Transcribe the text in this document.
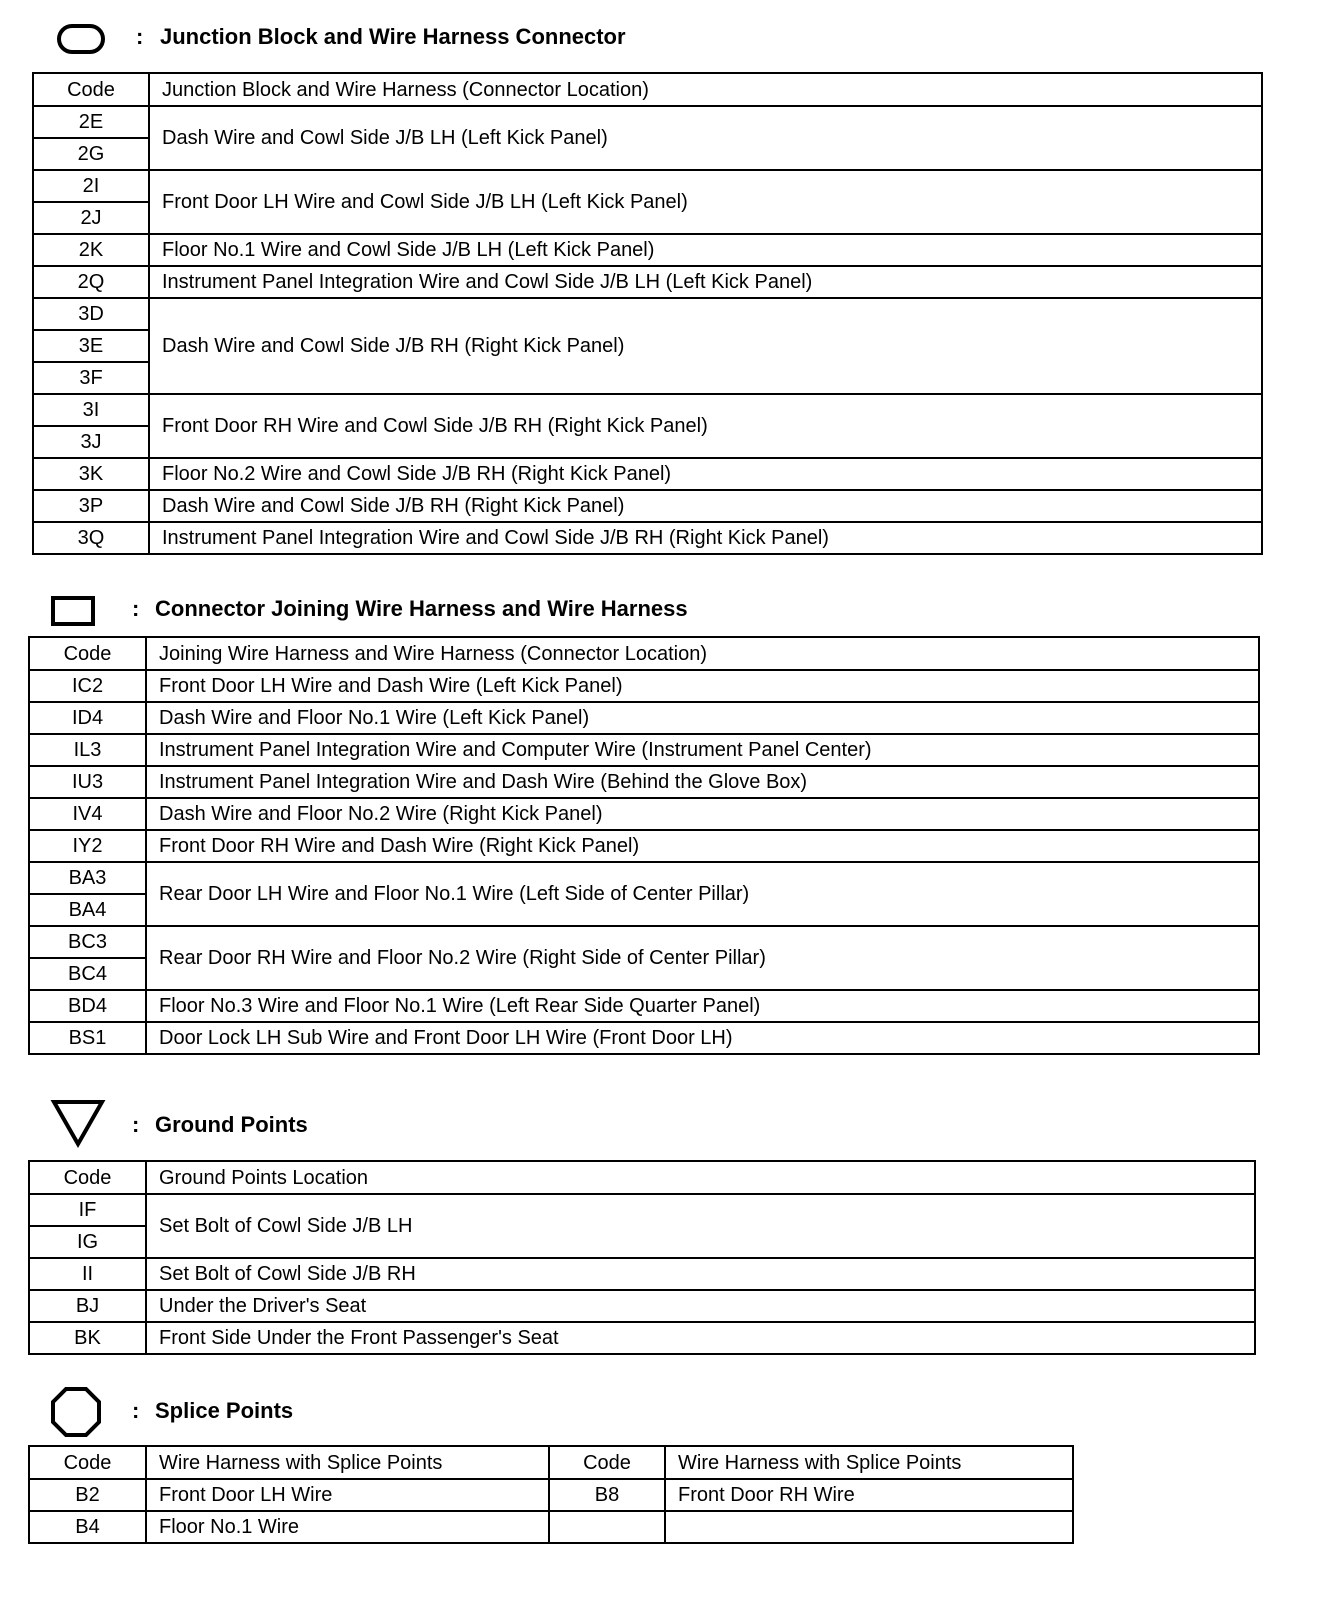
: Junction Block and Wire Harness Connector
Code	Junction Block and Wire Harness (Connector Location)
2E	Dash Wire and Cowl Side J/B LH (Left Kick Panel)
2G	
2I	Front Door LH Wire and Cowl Side J/B LH (Left Kick Panel)
2J	
2K	Floor No.1 Wire and Cowl Side J/B LH (Left Kick Panel)
2Q	Instrument Panel Integration Wire and Cowl Side J/B LH (Left Kick Panel)
3D	Dash Wire and Cowl Side J/B RH (Right Kick Panel)
3E	
3F	
3I	Front Door RH Wire and Cowl Side J/B RH (Right Kick Panel)
3J	
3K	Floor No.2 Wire and Cowl Side J/B RH (Right Kick Panel)
3P	Dash Wire and Cowl Side J/B RH (Right Kick Panel)
3Q	Instrument Panel Integration Wire and Cowl Side J/B RH (Right Kick Panel)
: Connector Joining Wire Harness and Wire Harness
Code	Joining Wire Harness and Wire Harness (Connector Location)
IC2	Front Door LH Wire and Dash Wire (Left Kick Panel)
ID4	Dash Wire and Floor No.1 Wire (Left Kick Panel)
IL3	Instrument Panel Integration Wire and Computer Wire (Instrument Panel Center)
IU3	Instrument Panel Integration Wire and Dash Wire (Behind the Glove Box)
IV4	Dash Wire and Floor No.2 Wire (Right Kick Panel)
IY2	Front Door RH Wire and Dash Wire (Right Kick Panel)
BA3	Rear Door LH Wire and Floor No.1 Wire (Left Side of Center Pillar)
BA4	
BC3	Rear Door RH Wire and Floor No.2 Wire (Right Side of Center Pillar)
BC4	
BD4	Floor No.3 Wire and Floor No.1 Wire (Left Rear Side Quarter Panel)
BS1	Door Lock LH Sub Wire and Front Door LH Wire (Front Door LH)
: Ground Points
Code	Ground Points Location
IF	Set Bolt of Cowl Side J/B LH
IG	
II	Set Bolt of Cowl Side J/B RH
BJ	Under the Driver's Seat
BK	Front Side Under the Front Passenger's Seat
: Splice Points
Code	Wire Harness with Splice Points	Code	Wire Harness with Splice Points
B2	Front Door LH Wire	B8	Front Door RH Wire
B4	Floor No.1 Wire		
